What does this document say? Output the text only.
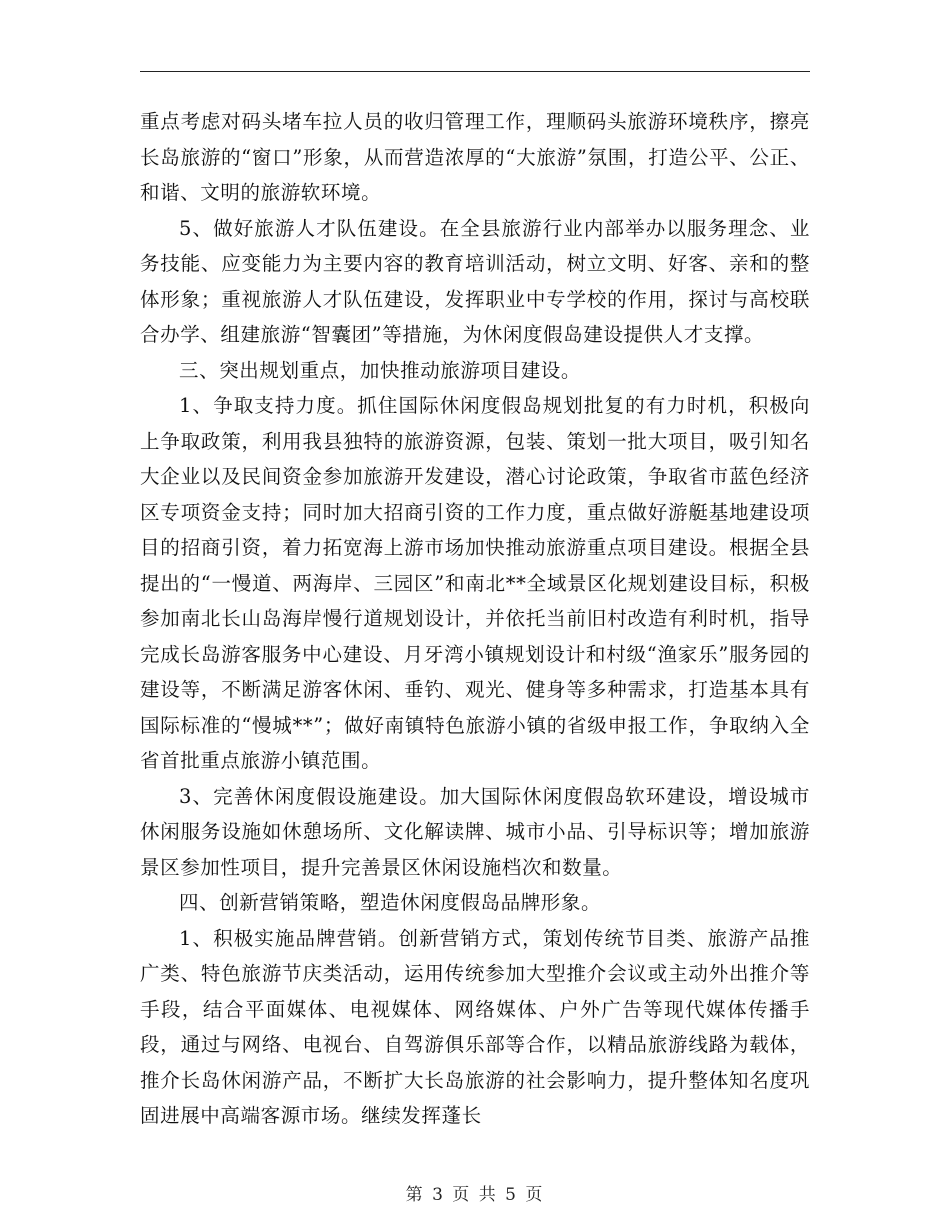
重点考虑对码头堵车拉人员的收归管理工作，理顺码头旅游环境秩序，擦亮长岛旅游的“窗口”形象，从而营造浓厚的“大旅游”氛围，打造公平、公正、和谐、文明的旅游软环境。

5、做好旅游人才队伍建设。在全县旅游行业内部举办以服务理念、业务技能、应变能力为主要内容的教育培训活动，树立文明、好客、亲和的整体形象；重视旅游人才队伍建设，发挥职业中专学校的作用，探讨与高校联合办学、组建旅游“智囊团”等措施，为休闲度假岛建设提供人才支撑。

三、突出规划重点，加快推动旅游项目建设。

1、争取支持力度。抓住国际休闲度假岛规划批复的有力时机，积极向上争取政策，利用我县独特的旅游资源，包装、策划一批大项目，吸引知名大企业以及民间资金参加旅游开发建设，潜心讨论政策，争取省市蓝色经济区专项资金支持；同时加大招商引资的工作力度，重点做好游艇基地建设项目的招商引资，着力拓宽海上游市场加快推动旅游重点项目建设。根据全县提出的“一慢道、两海岸、三园区”和南北**全域景区化规划建设目标，积极参加南北长山岛海岸慢行道规划设计，并依托当前旧村改造有利时机，指导完成长岛游客服务中心建设、月牙湾小镇规划设计和村级“渔家乐”服务园的建设等，不断满足游客休闲、垂钓、观光、健身等多种需求，打造基本具有国际标准的“慢城**”；做好南镇特色旅游小镇的省级申报工作，争取纳入全省首批重点旅游小镇范围。

3、完善休闲度假设施建设。加大国际休闲度假岛软环建设，增设城市休闲服务设施如休憩场所、文化解读牌、城市小品、引导标识等；增加旅游景区参加性项目，提升完善景区休闲设施档次和数量。

四、创新营销策略，塑造休闲度假岛品牌形象。

1、积极实施品牌营销。创新营销方式，策划传统节目类、旅游产品推广类、特色旅游节庆类活动，运用传统参加大型推介会议或主动外出推介等手段，结合平面媒体、电视媒体、网络媒体、户外广告等现代媒体传播手段，通过与网络、电视台、自驾游俱乐部等合作，以精品旅游线路为载体，推介长岛休闲游产品，不断扩大长岛旅游的社会影响力，提升整体知名度巩固进展中高端客源市场。继续发挥蓬长

第 3 页 共 5 页
